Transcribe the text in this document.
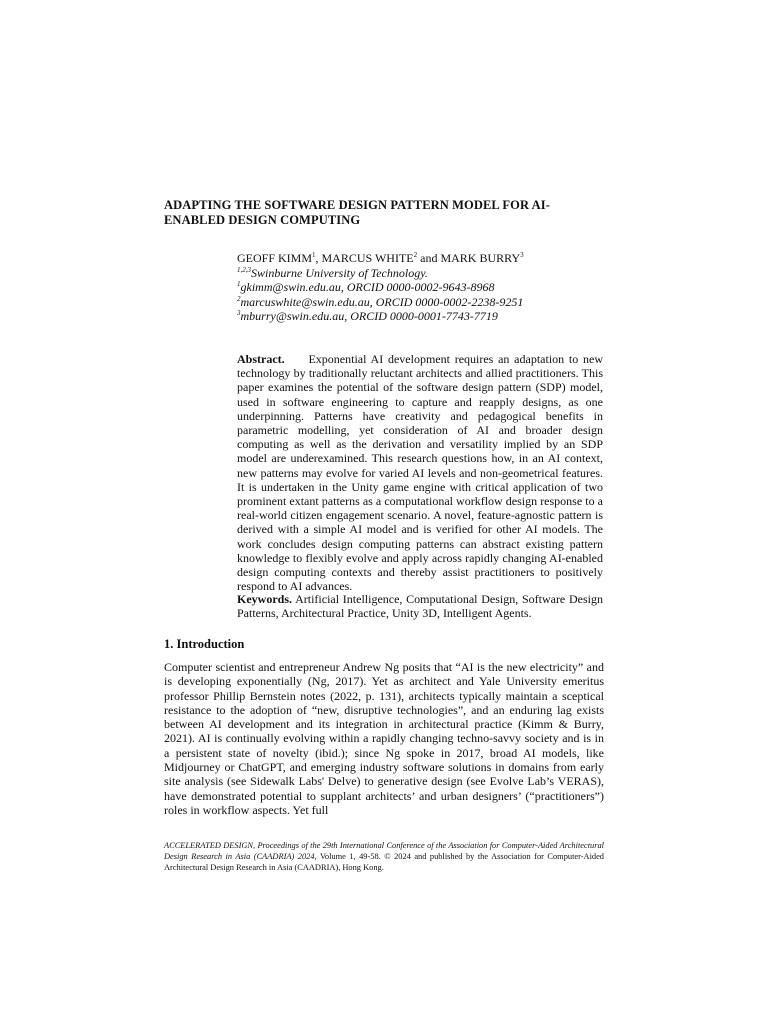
ADAPTING THE SOFTWARE DESIGN PATTERN MODEL FOR AI-ENABLED DESIGN COMPUTING
GEOFF KIMM$^1$, MARCUS WHITE$^2$ and MARK BURRY$^3$
$^{1,2,3}$Swinburne University of Technology.
$^1$gkimm@swin.edu.au, ORCID 0000-0002-9643-8968
$^2$marcuswhite@swin.edu.au, ORCID 0000-0002-2238-9251
$^3$mburry@swin.edu.au, ORCID 0000-0001-7743-7719
Abstract. Exponential AI development requires an adaptation to new technology by traditionally reluctant architects and allied practitioners. This paper examines the potential of the software design pattern (SDP) model, used in software engineering to capture and reapply designs, as one underpinning. Patterns have creativity and pedagogical benefits in parametric modelling, yet consideration of AI and broader design computing as well as the derivation and versatility implied by an SDP model are underexamined. This research questions how, in an AI context, new patterns may evolve for varied AI levels and non-geometrical features. It is undertaken in the Unity game engine with critical application of two prominent extant patterns as a computational workflow design response to a real-world citizen engagement scenario. A novel, feature-agnostic pattern is derived with a simple AI model and is verified for other AI models. The work concludes design computing patterns can abstract existing pattern knowledge to flexibly evolve and apply across rapidly changing AI-enabled design computing contexts and thereby assist practitioners to positively respond to AI advances.
Keywords. Artificial Intelligence, Computational Design, Software Design Patterns, Architectural Practice, Unity 3D, Intelligent Agents.
1. Introduction
Computer scientist and entrepreneur Andrew Ng posits that “AI is the new electricity” and is developing exponentially (Ng, 2017). Yet as architect and Yale University emeritus professor Phillip Bernstein notes (2022, p. 131), architects typically maintain a sceptical resistance to the adoption of “new, disruptive technologies”, and an enduring lag exists between AI development and its integration in architectural practice (Kimm & Burry, 2021). AI is continually evolving within a rapidly changing techno-savvy society and is in a persistent state of novelty (ibid.); since Ng spoke in 2017, broad AI models, like Midjourney or ChatGPT, and emerging industry software solutions in domains from early site analysis (see Sidewalk Labs' Delve) to generative design (see Evolve Lab’s VERAS), have demonstrated potential to supplant architects’ and urban designers’ (“practitioners”) roles in workflow aspects. Yet full
ACCELERATED DESIGN, Proceedings of the 29th International Conference of the Association for Computer-Aided Architectural Design Research in Asia (CAADRIA) 2024, Volume 1, 49-58. © 2024 and published by the Association for Computer-Aided Architectural Design Research in Asia (CAADRIA), Hong Kong.
